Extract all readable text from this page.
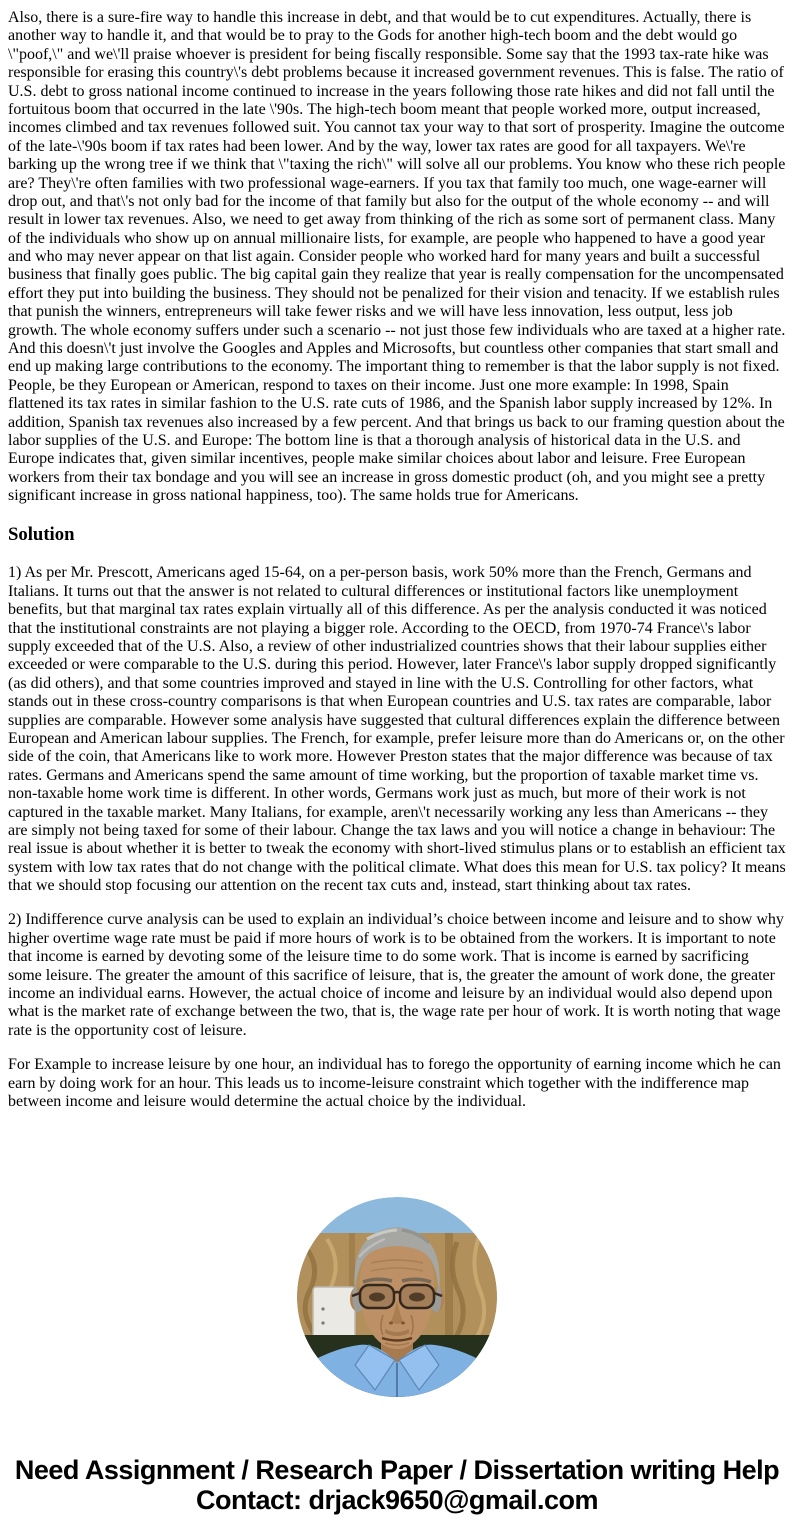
Also, there is a sure-fire way to handle this increase in debt, and that would be to cut expenditures. Actually, there is another way to handle it, and that would be to pray to the Gods for another high-tech boom and the debt would go \"poof,\" and we\'ll praise whoever is president for being fiscally responsible. Some say that the 1993 tax-rate hike was responsible for erasing this country\'s debt problems because it increased government revenues. This is false. The ratio of U.S. debt to gross national income continued to increase in the years following those rate hikes and did not fall until the fortuitous boom that occurred in the late \'90s. The high-tech boom meant that people worked more, output increased, incomes climbed and tax revenues followed suit. You cannot tax your way to that sort of prosperity. Imagine the outcome of the late-\'90s boom if tax rates had been lower. And by the way, lower tax rates are good for all taxpayers. We\'re barking up the wrong tree if we think that \"taxing the rich\" will solve all our problems. You know who these rich people are? They\'re often families with two professional wage-earners. If you tax that family too much, one wage-earner will drop out, and that\'s not only bad for the income of that family but also for the output of the whole economy -- and will result in lower tax revenues. Also, we need to get away from thinking of the rich as some sort of permanent class. Many of the individuals who show up on annual millionaire lists, for example, are people who happened to have a good year and who may never appear on that list again. Consider people who worked hard for many years and built a successful business that finally goes public. The big capital gain they realize that year is really compensation for the uncompensated effort they put into building the business. They should not be penalized for their vision and tenacity. If we establish rules that punish the winners, entrepreneurs will take fewer risks and we will have less innovation, less output, less job growth. The whole economy suffers under such a scenario -- not just those few individuals who are taxed at a higher rate. And this doesn\'t just involve the Googles and Apples and Microsofts, but countless other companies that start small and end up making large contributions to the economy. The important thing to remember is that the labor supply is not fixed. People, be they European or American, respond to taxes on their income. Just one more example: In 1998, Spain flattened its tax rates in similar fashion to the U.S. rate cuts of 1986, and the Spanish labor supply increased by 12%. In addition, Spanish tax revenues also increased by a few percent. And that brings us back to our framing question about the labor supplies of the U.S. and Europe: The bottom line is that a thorough analysis of historical data in the U.S. and Europe indicates that, given similar incentives, people make similar choices about labor and leisure. Free European workers from their tax bondage and you will see an increase in gross domestic product (oh, and you might see a pretty significant increase in gross national happiness, too). The same holds true for Americans.

Solution

1) As per Mr. Prescott, Americans aged 15-64, on a per-person basis, work 50% more than the French, Germans and Italians. It turns out that the answer is not related to cultural differences or institutional factors like unemployment benefits, but that marginal tax rates explain virtually all of this difference. As per the analysis conducted it was noticed that the institutional constraints are not playing a bigger role. According to the OECD, from 1970-74 France\'s labor supply exceeded that of the U.S. Also, a review of other industrialized countries shows that their labour supplies either exceeded or were comparable to the U.S. during this period. However, later France\'s labor supply dropped significantly (as did others), and that some countries improved and stayed in line with the U.S. Controlling for other factors, what stands out in these cross-country comparisons is that when European countries and U.S. tax rates are comparable, labor supplies are comparable. However some analysis have suggested that cultural differences explain the difference between European and American labour supplies. The French, for example, prefer leisure more than do Americans or, on the other side of the coin, that Americans like to work more. However Preston states that the major difference was because of tax rates. Germans and Americans spend the same amount of time working, but the proportion of taxable market time vs. non-taxable home work time is different. In other words, Germans work just as much, but more of their work is not captured in the taxable market. Many Italians, for example, aren\'t necessarily working any less than Americans -- they are simply not being taxed for some of their labour. Change the tax laws and you will notice a change in behaviour: The real issue is about whether it is better to tweak the economy with short-lived stimulus plans or to establish an efficient tax system with low tax rates that do not change with the political climate. What does this mean for U.S. tax policy? It means that we should stop focusing our attention on the recent tax cuts and, instead, start thinking about tax rates.

2) Indifference curve analysis can be used to explain an individual’s choice between income and leisure and to show why higher overtime wage rate must be paid if more hours of work is to be obtained from the workers. It is important to note that income is earned by devoting some of the leisure time to do some work. That is income is earned by sacrificing some leisure. The greater the amount of this sacrifice of leisure, that is, the greater the amount of work done, the greater income an individual earns. However, the actual choice of income and leisure by an individual would also depend upon what is the market rate of exchange between the two, that is, the wage rate per hour of work. It is worth noting that wage rate is the opportunity cost of leisure.

For Example to increase leisure by one hour, an individual has to forego the opportunity of earning income which he can earn by doing work for an hour. This leads us to income-leisure constraint which together with the indifference map between income and leisure would determine the actual choice by the individual.

Need Assignment / Research Paper / Dissertation writing Help
Contact: drjack9650@gmail.com
